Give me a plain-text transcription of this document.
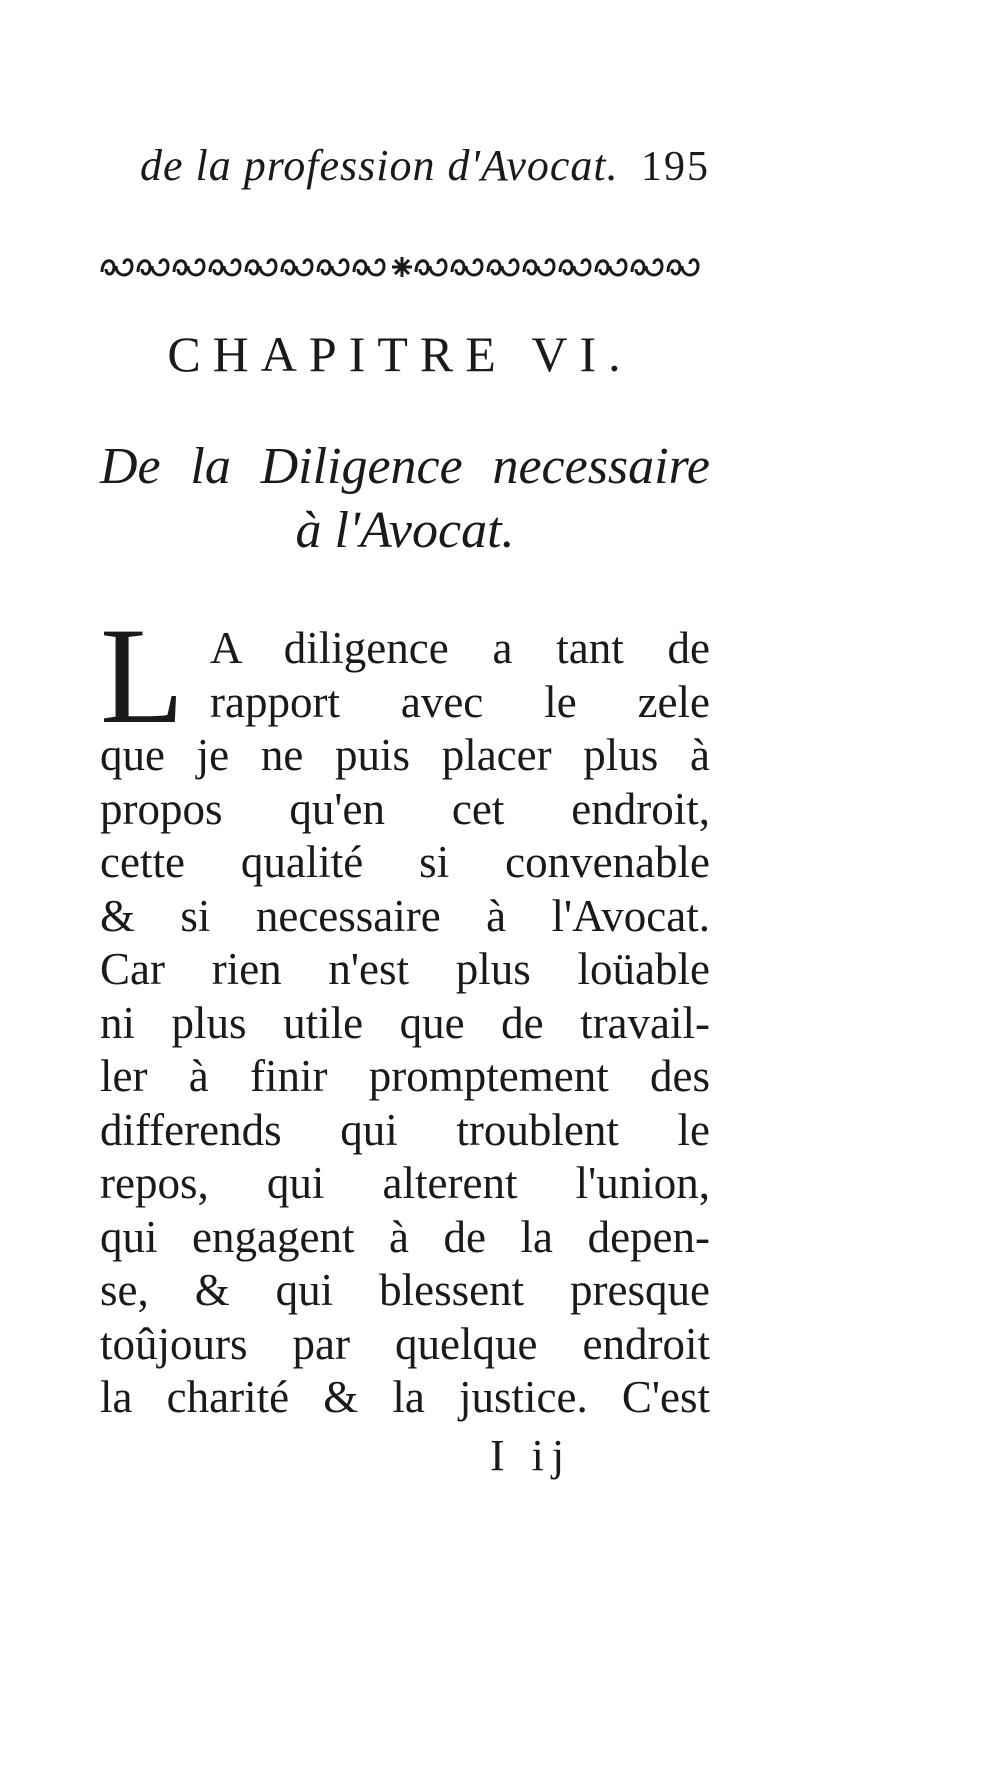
de la profession d'Avocat. 195
CHAPITRE VI.
De la Diligence necessaire
à l'Avocat.
L A diligence a tant de
rapport avec le zele
que je ne puis placer plus à
propos qu'en cet endroit,
cette qualité si convenable
& si necessaire à l'Avocat.
Car rien n'est plus loüable
ni plus utile que de travail-
ler à finir promptement des
differends qui troublent le
repos, qui alterent l'union,
qui engagent à de la depen-
se, & qui blessent presque
toûjours par quelque endroit
la charité & la justice. C'est
I ij
